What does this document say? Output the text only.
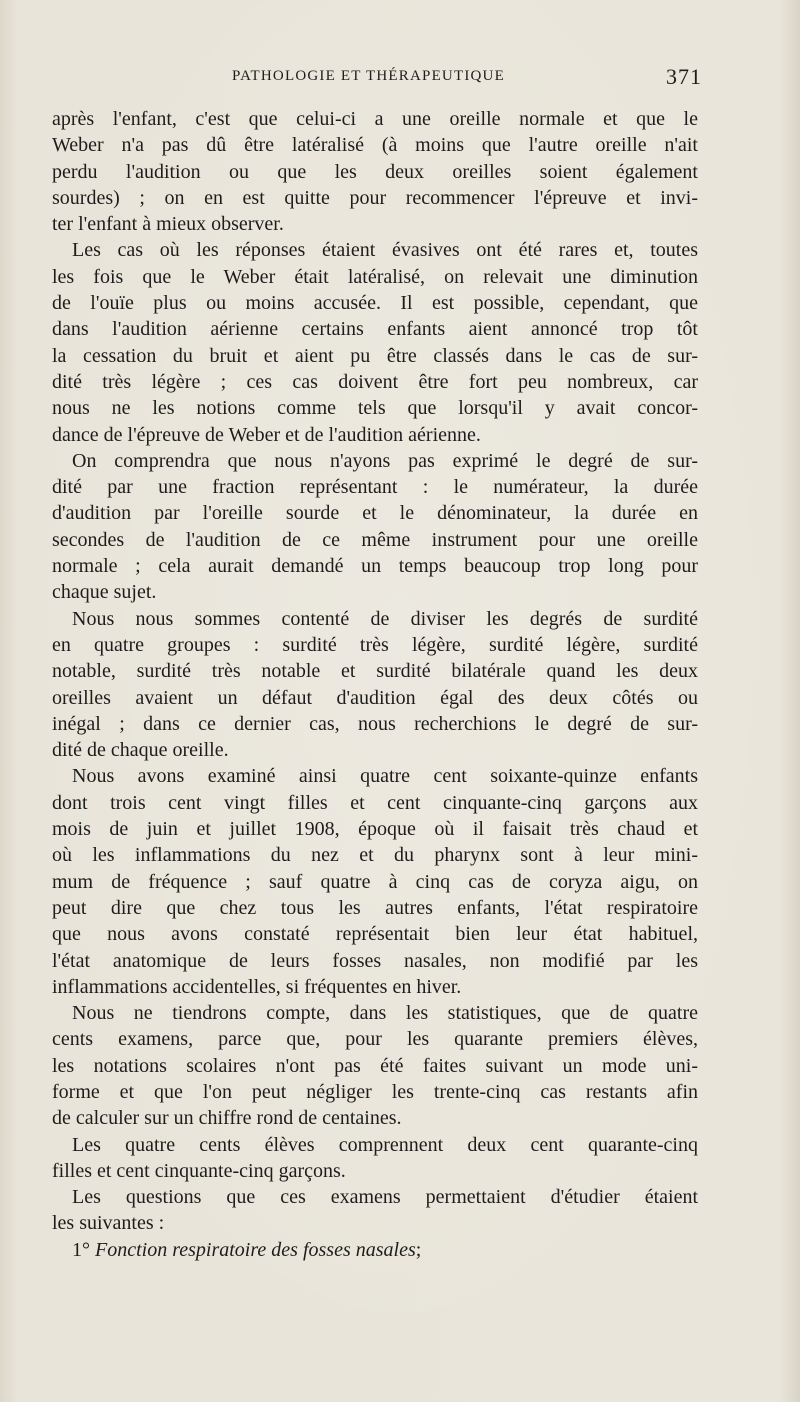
PATHOLOGIE ET THÉRAPEUTIQUE	371
après l'enfant, c'est que celui-ci a une oreille normale et que le
Weber n'a pas dû être latéralisé (à moins que l'autre oreille n'ait
perdu l'audition ou que les deux oreilles soient également
sourdes) ; on en est quitte pour recommencer l'épreuve et invi-
ter l'enfant à mieux observer.
Les cas où les réponses étaient évasives ont été rares et, toutes
les fois que le Weber était latéralisé, on relevait une diminution
de l'ouïe plus ou moins accusée. Il est possible, cependant, que
dans l'audition aérienne certains enfants aient annoncé trop tôt
la cessation du bruit et aient pu être classés dans le cas de sur-
dité très légère ; ces cas doivent être fort peu nombreux, car
nous ne les notions comme tels que lorsqu'il y avait concor-
dance de l'épreuve de Weber et de l'audition aérienne.
On comprendra que nous n'ayons pas exprimé le degré de sur-
dité par une fraction représentant : le numérateur, la durée
d'audition par l'oreille sourde et le dénominateur, la durée en
secondes de l'audition de ce même instrument pour une oreille
normale ; cela aurait demandé un temps beaucoup trop long pour
chaque sujet.
Nous nous sommes contenté de diviser les degrés de surdité
en quatre groupes : surdité très légère, surdité légère, surdité
notable, surdité très notable et surdité bilatérale quand les deux
oreilles avaient un défaut d'audition égal des deux côtés ou
inégal ; dans ce dernier cas, nous recherchions le degré de sur-
dité de chaque oreille.
Nous avons examiné ainsi quatre cent soixante-quinze enfants
dont trois cent vingt filles et cent cinquante-cinq garçons aux
mois de juin et juillet 1908, époque où il faisait très chaud et
où les inflammations du nez et du pharynx sont à leur mini-
mum de fréquence ; sauf quatre à cinq cas de coryza aigu, on
peut dire que chez tous les autres enfants, l'état respiratoire
que nous avons constaté représentait bien leur état habituel,
l'état anatomique de leurs fosses nasales, non modifié par les
inflammations accidentelles, si fréquentes en hiver.
Nous ne tiendrons compte, dans les statistiques, que de quatre
cents examens, parce que, pour les quarante premiers élèves,
les notations scolaires n'ont pas été faites suivant un mode uni-
forme et que l'on peut négliger les trente-cinq cas restants afin
de calculer sur un chiffre rond de centaines.
Les quatre cents élèves comprennent deux cent quarante-cinq
filles et cent cinquante-cinq garçons.
Les questions que ces examens permettaient d'étudier étaient
les suivantes :
1° Fonction respiratoire des fosses nasales;
